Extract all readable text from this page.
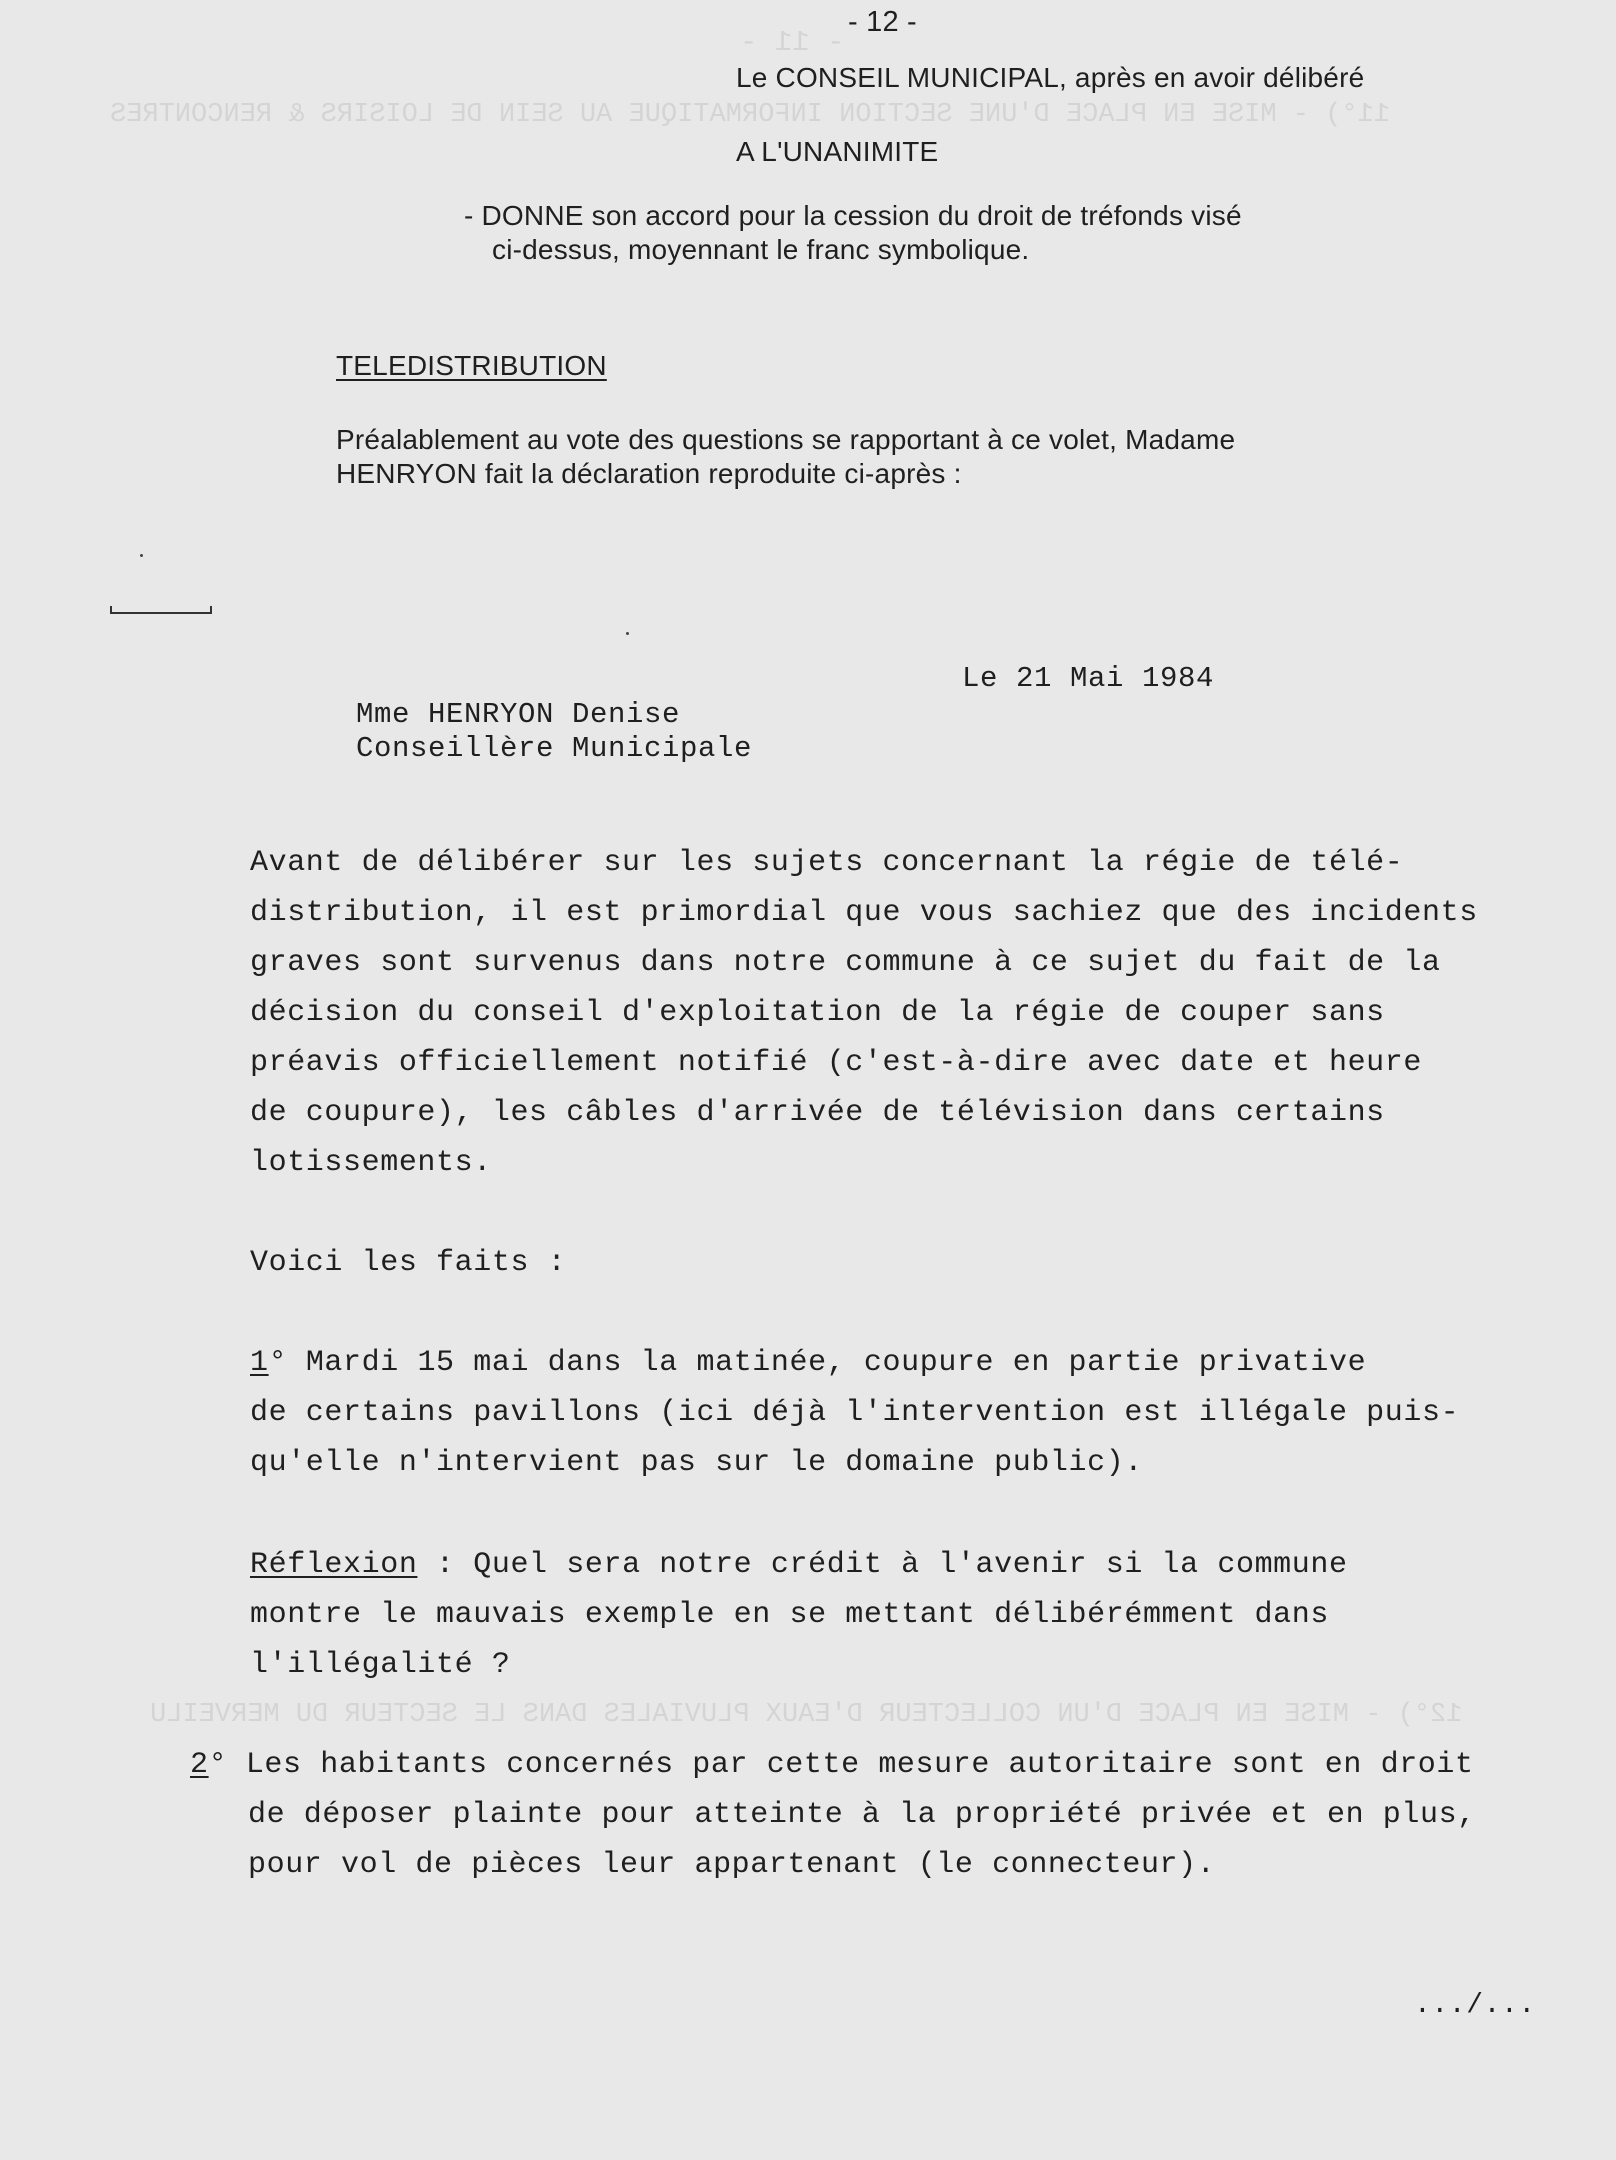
- 11 -
11°) - MISE EN PLACE D'UNE SECTION INFORMATIQUE AU SEIN DE LOISIRS & RENCONTRES
12°) - MISE EN PLACE D'UN COLLECTEUR D'EAUX PLUVIALES DANS LE SECTEUR DU MERVEILU
- 12 -
Le CONSEIL MUNICIPAL, après en avoir délibéré
A L'UNANIMITE
- DONNE son accord pour la cession du droit de tréfonds visé
ci-dessus, moyennant le franc symbolique.
TELEDISTRIBUTION
Préalablement au vote des questions se rapportant à ce volet, Madame
HENRYON fait la déclaration reproduite ci-après :
Le 21 Mai 1984
Mme HENRYON Denise
Conseillère Municipale
Avant de délibérer sur les sujets concernant la régie de télé-
distribution, il est primordial que vous sachiez que des incidents
graves sont survenus dans notre commune à ce sujet du fait de la
décision du conseil d'exploitation de la régie de couper sans
préavis officiellement notifié (c'est-à-dire avec date et heure
de coupure), les câbles d'arrivée de télévision dans certains
lotissements.
Voici les faits :
1° Mardi 15 mai dans la matinée, coupure en partie privative
de certains pavillons (ici déjà l'intervention est illégale puis-
qu'elle n'intervient pas sur le domaine public).
Réflexion : Quel sera notre crédit à l'avenir si la commune
montre le mauvais exemple en se mettant délibérémment dans
l'illégalité ?
2° Les habitants concernés par cette mesure autoritaire sont en droit
de déposer plainte pour atteinte à la propriété privée et en plus,
pour vol de pièces leur appartenant (le connecteur).
.../...
